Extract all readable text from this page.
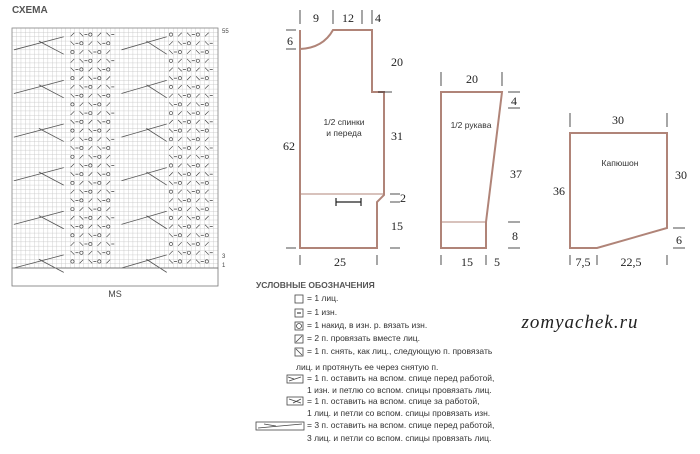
СХЕМА
55
3
1
MS
1/2 спинки
и переда
9 12 4
6
62
20
31
2
15
25
1/2 рукава
20
4
37
8
15 5
Капюшон
30
36
30
6
7,5	22,5
УСЛОВНЫЕ ОБОЗНАЧЕНИЯ
zomyachek.ru
= 1 лиц.
= 1 изн.
= 1 накид, в изн. р. вязать изн.
= 2 п. провязать вместе лиц.
= 1 п. снять, как лиц., следующую п. провязать
лиц. и протянуть ее через снятую п.
= 1 п. оставить на вспом. спице перед работой,
1 изн. и петлю со вспом. спицы провязать лиц.
= 1 п. оставить на вспом. спице за работой,
1 лиц. и петли со вспом. спицы провязать изн.
= 3 п. оставить на вспом. спице перед работой,
3 лиц. и петли со вспом. спицы провязать лиц.
